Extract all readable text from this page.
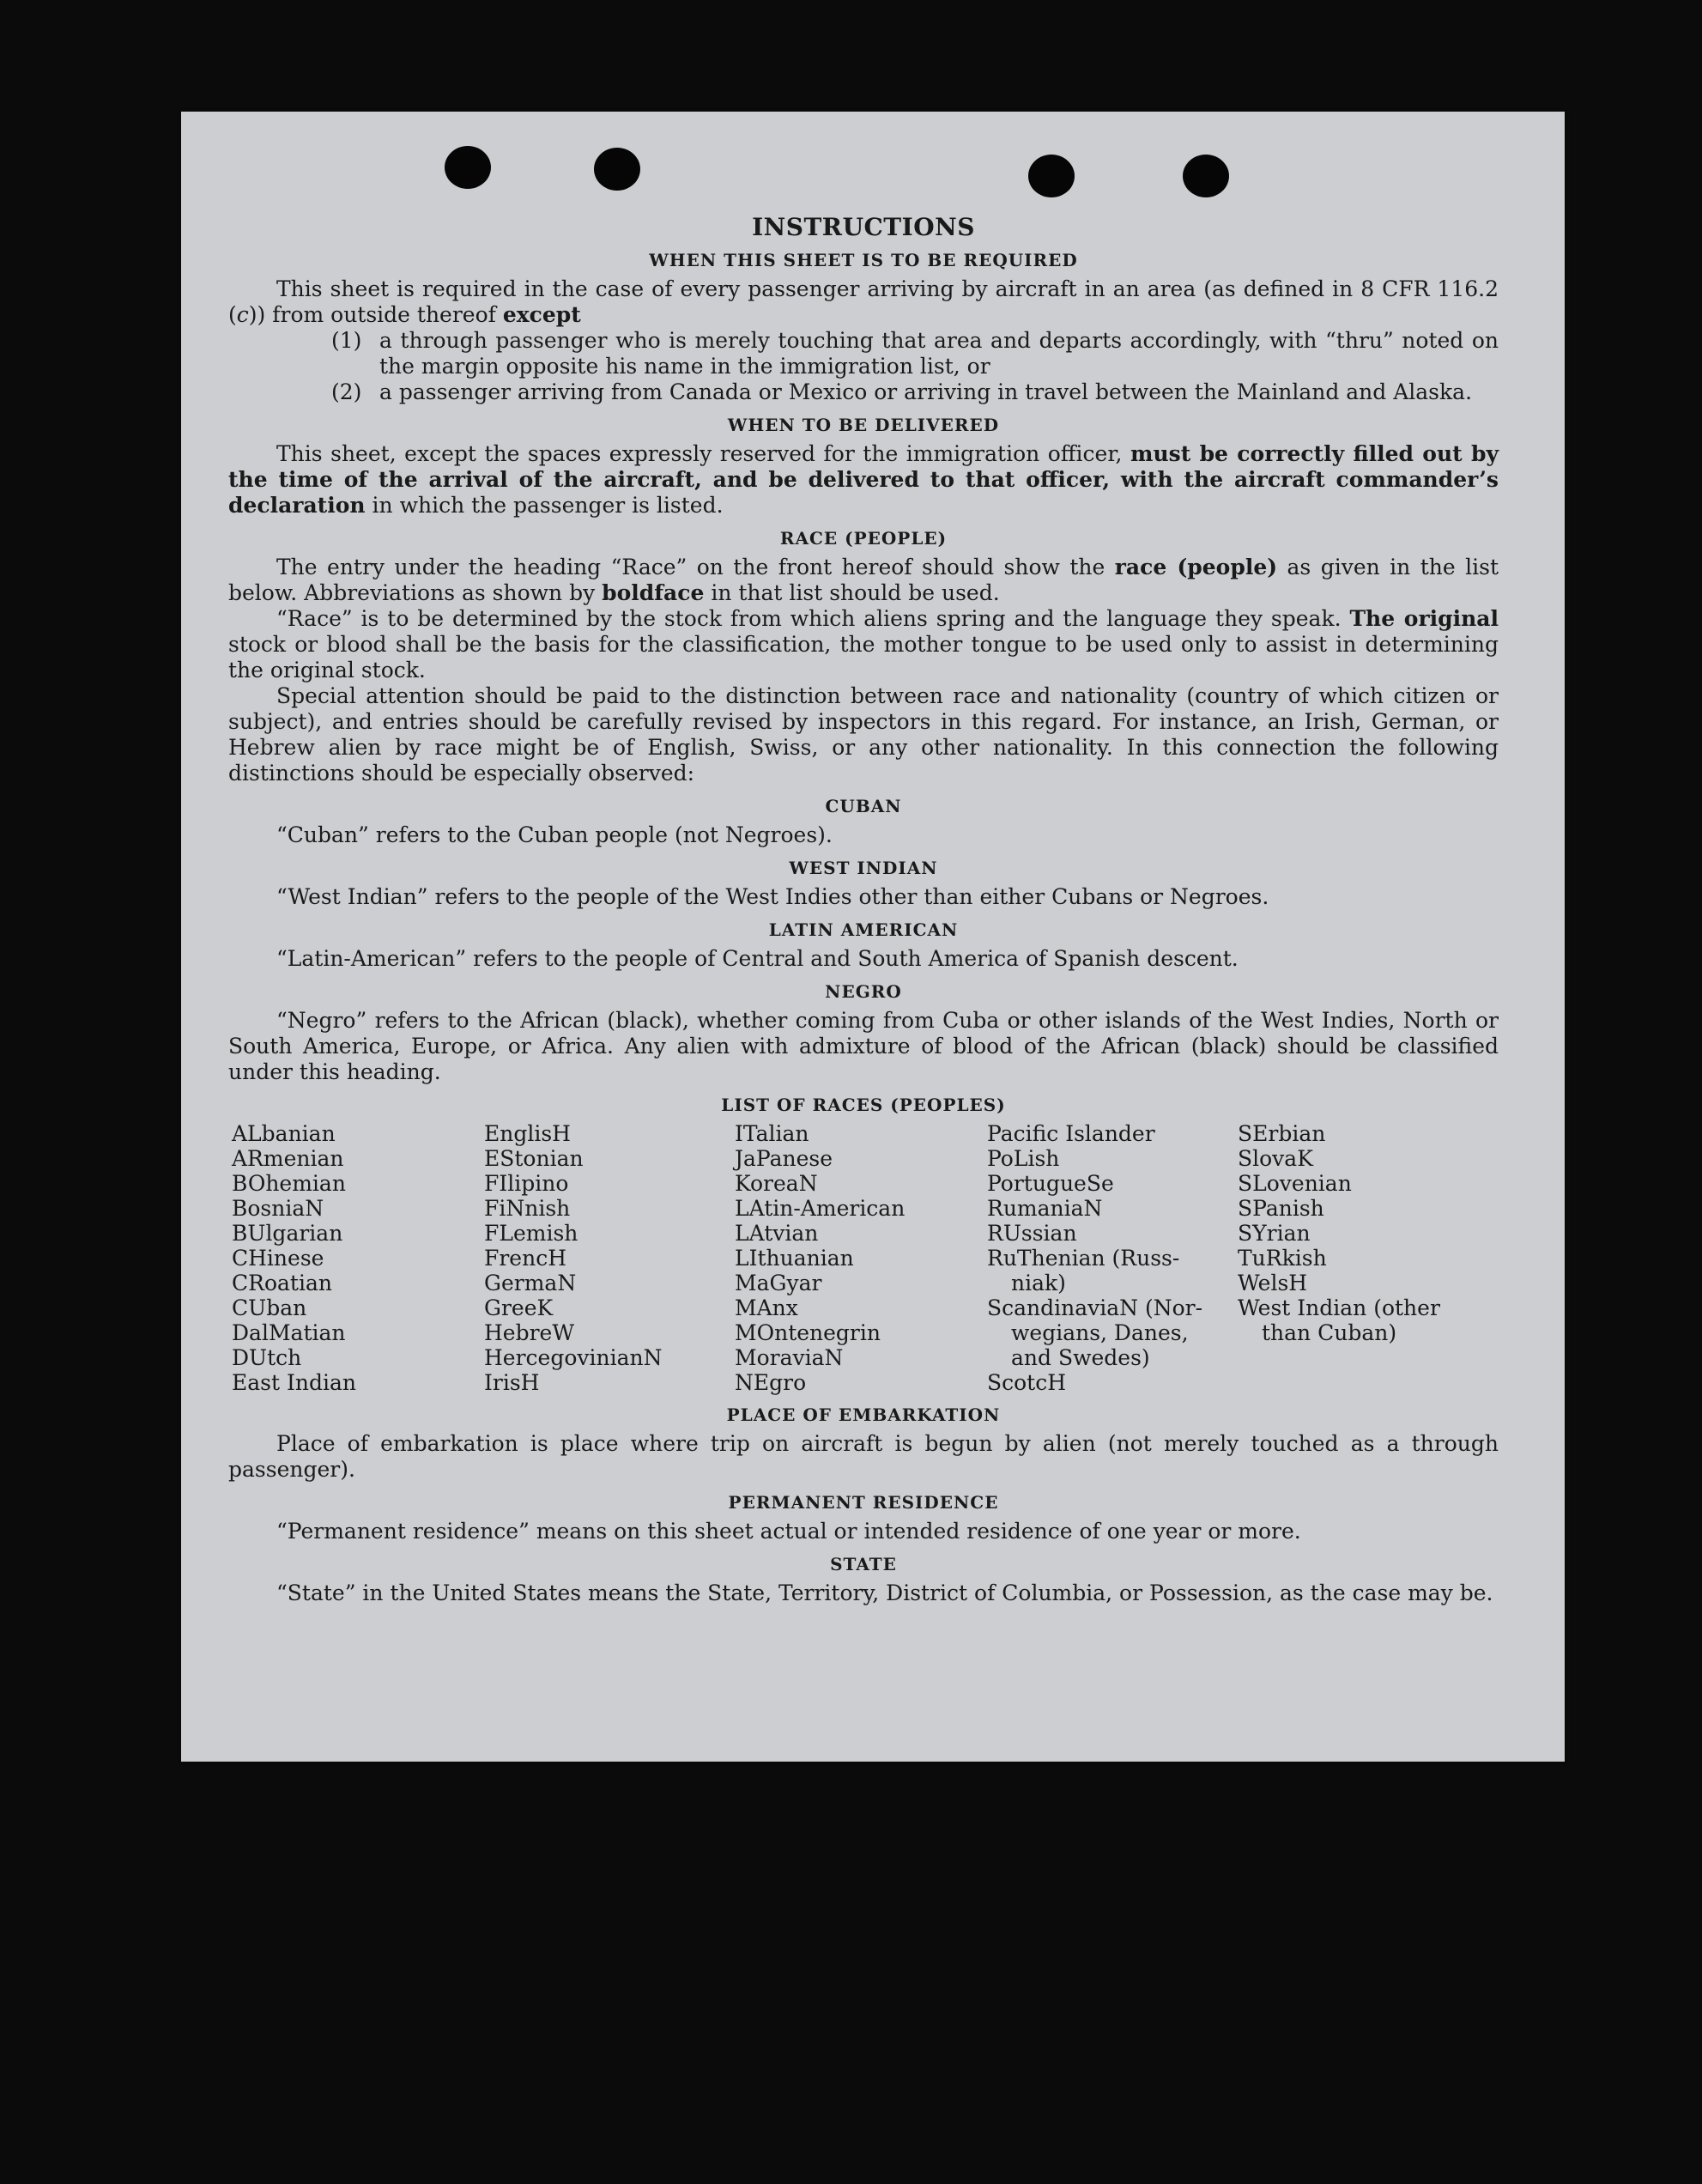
INSTRUCTIONS
WHEN THIS SHEET IS TO BE REQUIRED

This sheet is required in the case of every passenger arriving by aircraft in an area (as defined in 8 CFR 116.2 (c)) from outside thereof except

(1) a through passenger who is merely touching that area and departs accordingly, with “thru” noted on the margin opposite his name in the immigration list, or
(2) a passenger arriving from Canada or Mexico or arriving in travel between the Mainland and Alaska.
WHEN TO BE DELIVERED

This sheet, except the spaces expressly reserved for the immigration officer, must be correctly filled out by the time of the arrival of the aircraft, and be delivered to that officer, with the aircraft commander’s declaration in which the passenger is listed.

RACE (PEOPLE)

The entry under the heading “Race” on the front hereof should show the race (people) as given in the list below. Abbreviations as shown by boldface in that list should be used.

“Race” is to be determined by the stock from which aliens spring and the language they speak. The original stock or blood shall be the basis for the classification, the mother tongue to be used only to assist in determining the original stock.

Special attention should be paid to the distinction between race and nationality (country of which citizen or subject), and entries should be carefully revised by inspectors in this regard. For instance, an Irish, German, or Hebrew alien by race might be of English, Swiss, or any other nationality. In this connection the following distinctions should be especially observed:

CUBAN

“Cuban” refers to the Cuban people (not Negroes).

WEST INDIAN

“West Indian” refers to the people of the West Indies other than either Cubans or Negroes.

LATIN AMERICAN

“Latin-American” refers to the people of Central and South America of Spanish descent.

NEGRO

“Negro” refers to the African (black), whether coming from Cuba or other islands of the West Indies, North or South America, Europe, or Africa. Any alien with admixture of blood of the African (black) should be classified under this heading.

LIST OF RACES (PEOPLES)
ALbanian
ARmenian
BOhemian
BosniaN
BUlgarian
CHinese
CRoatian
CUban
DalMatian
DUtch
East Indian
EnglisH
EStonian
FIlipino
FiNnish
FLemish
FrencH
GermaN
GreeK
HebreW
HercegovinianN
IrisH
ITalian
JaPanese
KoreaN
LAtin-American
LAtvian
LIthuanian
MaGyar
MAnx
MOntenegrin
MoraviaN
NEgro
Pacific Islander
PoLish
PortugueSe
RumaniaN
RUssian
RuThenian (Russ-
niak)
ScandinaviaN (Nor-
wegians, Danes,
and Swedes)
ScotcH
SErbian
SlovaK
SLovenian
SPanish
SYrian
TuRkish
WelsH
West Indian (other
than Cuban)
PLACE OF EMBARKATION

Place of embarkation is place where trip on aircraft is begun by alien (not merely touched as a through passenger).

PERMANENT RESIDENCE

“Permanent residence” means on this sheet actual or intended residence of one year or more.

STATE

“State” in the United States means the State, Territory, District of Columbia, or Possession, as the case may be.
